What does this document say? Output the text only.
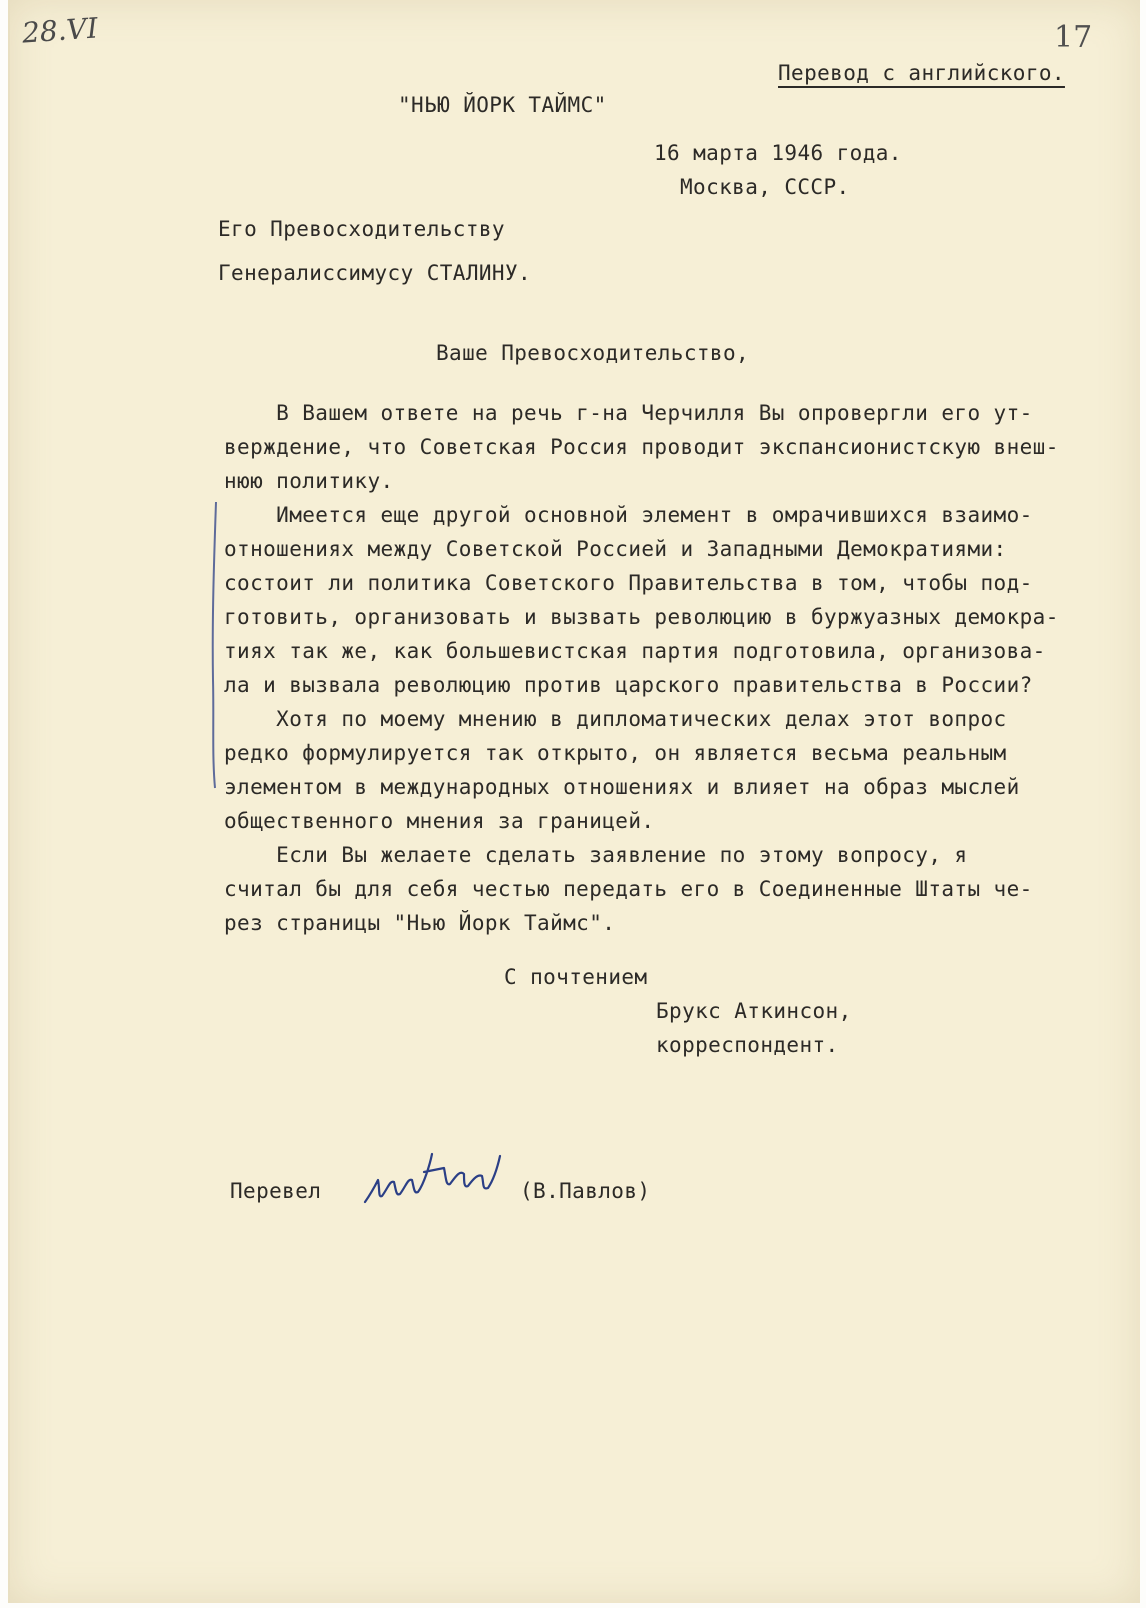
28.VI	17
Перевод с английского.
"НЬЮ ЙОРК ТАЙМС"
16 марта 1946 года.
Москва, СССР.
Его Превосходительству
Генералиссимусу СТАЛИНУ.
Ваше Превосходительство,
В Вашем ответе на речь г-на Черчилля Вы опровергли его ут-
верждение, что Советская Россия проводит экспансионистскую внеш-
нюю политику.
Имеется еще другой основной элемент в омрачившихся взаимо-
отношениях между Советской Россией и Западными Демократиями:
состоит ли политика Советского Правительства в том, чтобы под-
готовить, организовать и вызвать революцию в буржуазных демокра-
тиях так же, как большевистская партия подготовила, организова-
ла и вызвала революцию против царского правительства в России?
Хотя по моему мнению в дипломатических делах этот вопрос
редко формулируется так открыто, он является весьма реальным
элементом в международных отношениях и влияет на образ мыслей
общественного мнения за границей.
Если Вы желаете сделать заявление по этому вопросу, я
считал бы для себя честью передать его в Соединенные Штаты че-
рез страницы "Нью Йорк Таймс".
С почтением
Брукс Аткинсон,
корреспондент.
Перевел	(В.Павлов)
